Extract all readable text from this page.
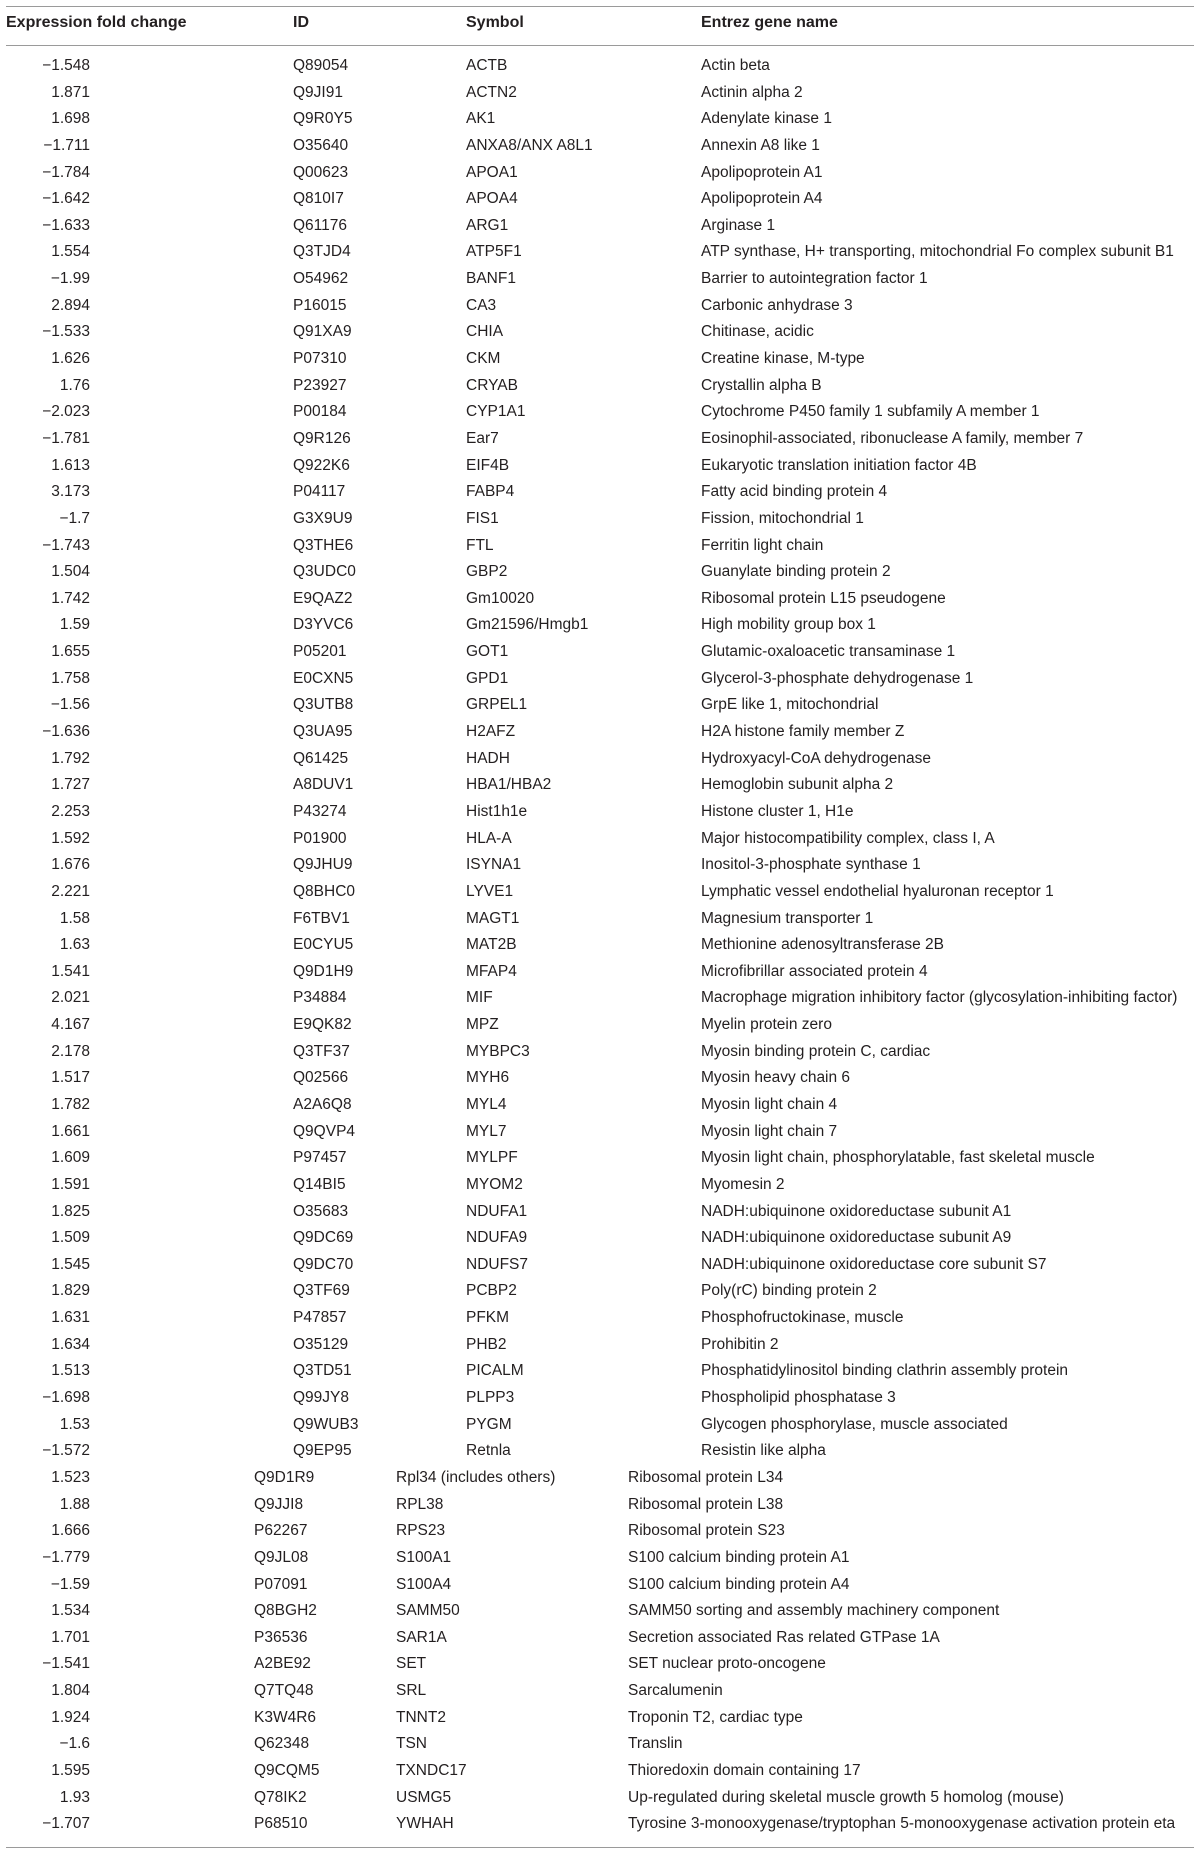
Expression fold change	ID	Symbol	Entrez gene name
−1.548	Q89054	ACTB	Actin beta
1.871	Q9JI91	ACTN2	Actinin alpha 2
1.698	Q9R0Y5	AK1	Adenylate kinase 1
−1.711	O35640	ANXA8/ANX A8L1	Annexin A8 like 1
−1.784	Q00623	APOA1	Apolipoprotein A1
−1.642	Q810I7	APOA4	Apolipoprotein A4
−1.633	Q61176	ARG1	Arginase 1
1.554	Q3TJD4	ATP5F1	ATP synthase, H+ transporting, mitochondrial Fo complex subunit B1
−1.99	O54962	BANF1	Barrier to autointegration factor 1
2.894	P16015	CA3	Carbonic anhydrase 3
−1.533	Q91XA9	CHIA	Chitinase, acidic
1.626	P07310	CKM	Creatine kinase, M-type
1.76	P23927	CRYAB	Crystallin alpha B
−2.023	P00184	CYP1A1	Cytochrome P450 family 1 subfamily A member 1
−1.781	Q9R126	Ear7	Eosinophil-associated, ribonuclease A family, member 7
1.613	Q922K6	EIF4B	Eukaryotic translation initiation factor 4B
3.173	P04117	FABP4	Fatty acid binding protein 4
−1.7	G3X9U9	FIS1	Fission, mitochondrial 1
−1.743	Q3THE6	FTL	Ferritin light chain
1.504	Q3UDC0	GBP2	Guanylate binding protein 2
1.742	E9QAZ2	Gm10020	Ribosomal protein L15 pseudogene
1.59	D3YVC6	Gm21596/Hmgb1	High mobility group box 1
1.655	P05201	GOT1	Glutamic-oxaloacetic transaminase 1
1.758	E0CXN5	GPD1	Glycerol-3-phosphate dehydrogenase 1
−1.56	Q3UTB8	GRPEL1	GrpE like 1, mitochondrial
−1.636	Q3UA95	H2AFZ	H2A histone family member Z
1.792	Q61425	HADH	Hydroxyacyl-CoA dehydrogenase
1.727	A8DUV1	HBA1/HBA2	Hemoglobin subunit alpha 2
2.253	P43274	Hist1h1e	Histone cluster 1, H1e
1.592	P01900	HLA-A	Major histocompatibility complex, class I, A
1.676	Q9JHU9	ISYNA1	Inositol-3-phosphate synthase 1
2.221	Q8BHC0	LYVE1	Lymphatic vessel endothelial hyaluronan receptor 1
1.58	F6TBV1	MAGT1	Magnesium transporter 1
1.63	E0CYU5	MAT2B	Methionine adenosyltransferase 2B
1.541	Q9D1H9	MFAP4	Microfibrillar associated protein 4
2.021	P34884	MIF	Macrophage migration inhibitory factor (glycosylation-inhibiting factor)
4.167	E9QK82	MPZ	Myelin protein zero
2.178	Q3TF37	MYBPC3	Myosin binding protein C, cardiac
1.517	Q02566	MYH6	Myosin heavy chain 6
1.782	A2A6Q8	MYL4	Myosin light chain 4
1.661	Q9QVP4	MYL7	Myosin light chain 7
1.609	P97457	MYLPF	Myosin light chain, phosphorylatable, fast skeletal muscle
1.591	Q14BI5	MYOM2	Myomesin 2
1.825	O35683	NDUFA1	NADH:ubiquinone oxidoreductase subunit A1
1.509	Q9DC69	NDUFA9	NADH:ubiquinone oxidoreductase subunit A9
1.545	Q9DC70	NDUFS7	NADH:ubiquinone oxidoreductase core subunit S7
1.829	Q3TF69	PCBP2	Poly(rC) binding protein 2
1.631	P47857	PFKM	Phosphofructokinase, muscle
1.634	O35129	PHB2	Prohibitin 2
1.513	Q3TD51	PICALM	Phosphatidylinositol binding clathrin assembly protein
−1.698	Q99JY8	PLPP3	Phospholipid phosphatase 3
1.53	Q9WUB3	PYGM	Glycogen phosphorylase, muscle associated
−1.572	Q9EP95	Retnla	Resistin like alpha
1.523	Q9D1R9	Rpl34 (includes others)	Ribosomal protein L34
1.88	Q9JJI8	RPL38	Ribosomal protein L38
1.666	P62267	RPS23	Ribosomal protein S23
−1.779	Q9JL08	S100A1	S100 calcium binding protein A1
−1.59	P07091	S100A4	S100 calcium binding protein A4
1.534	Q8BGH2	SAMM50	SAMM50 sorting and assembly machinery component
1.701	P36536	SAR1A	Secretion associated Ras related GTPase 1A
−1.541	A2BE92	SET	SET nuclear proto-oncogene
1.804	Q7TQ48	SRL	Sarcalumenin
1.924	K3W4R6	TNNT2	Troponin T2, cardiac type
−1.6	Q62348	TSN	Translin
1.595	Q9CQM5	TXNDC17	Thioredoxin domain containing 17
1.93	Q78IK2	USMG5	Up-regulated during skeletal muscle growth 5 homolog (mouse)
−1.707	P68510	YWHAH	Tyrosine 3-monooxygenase/tryptophan 5-monooxygenase activation protein eta
